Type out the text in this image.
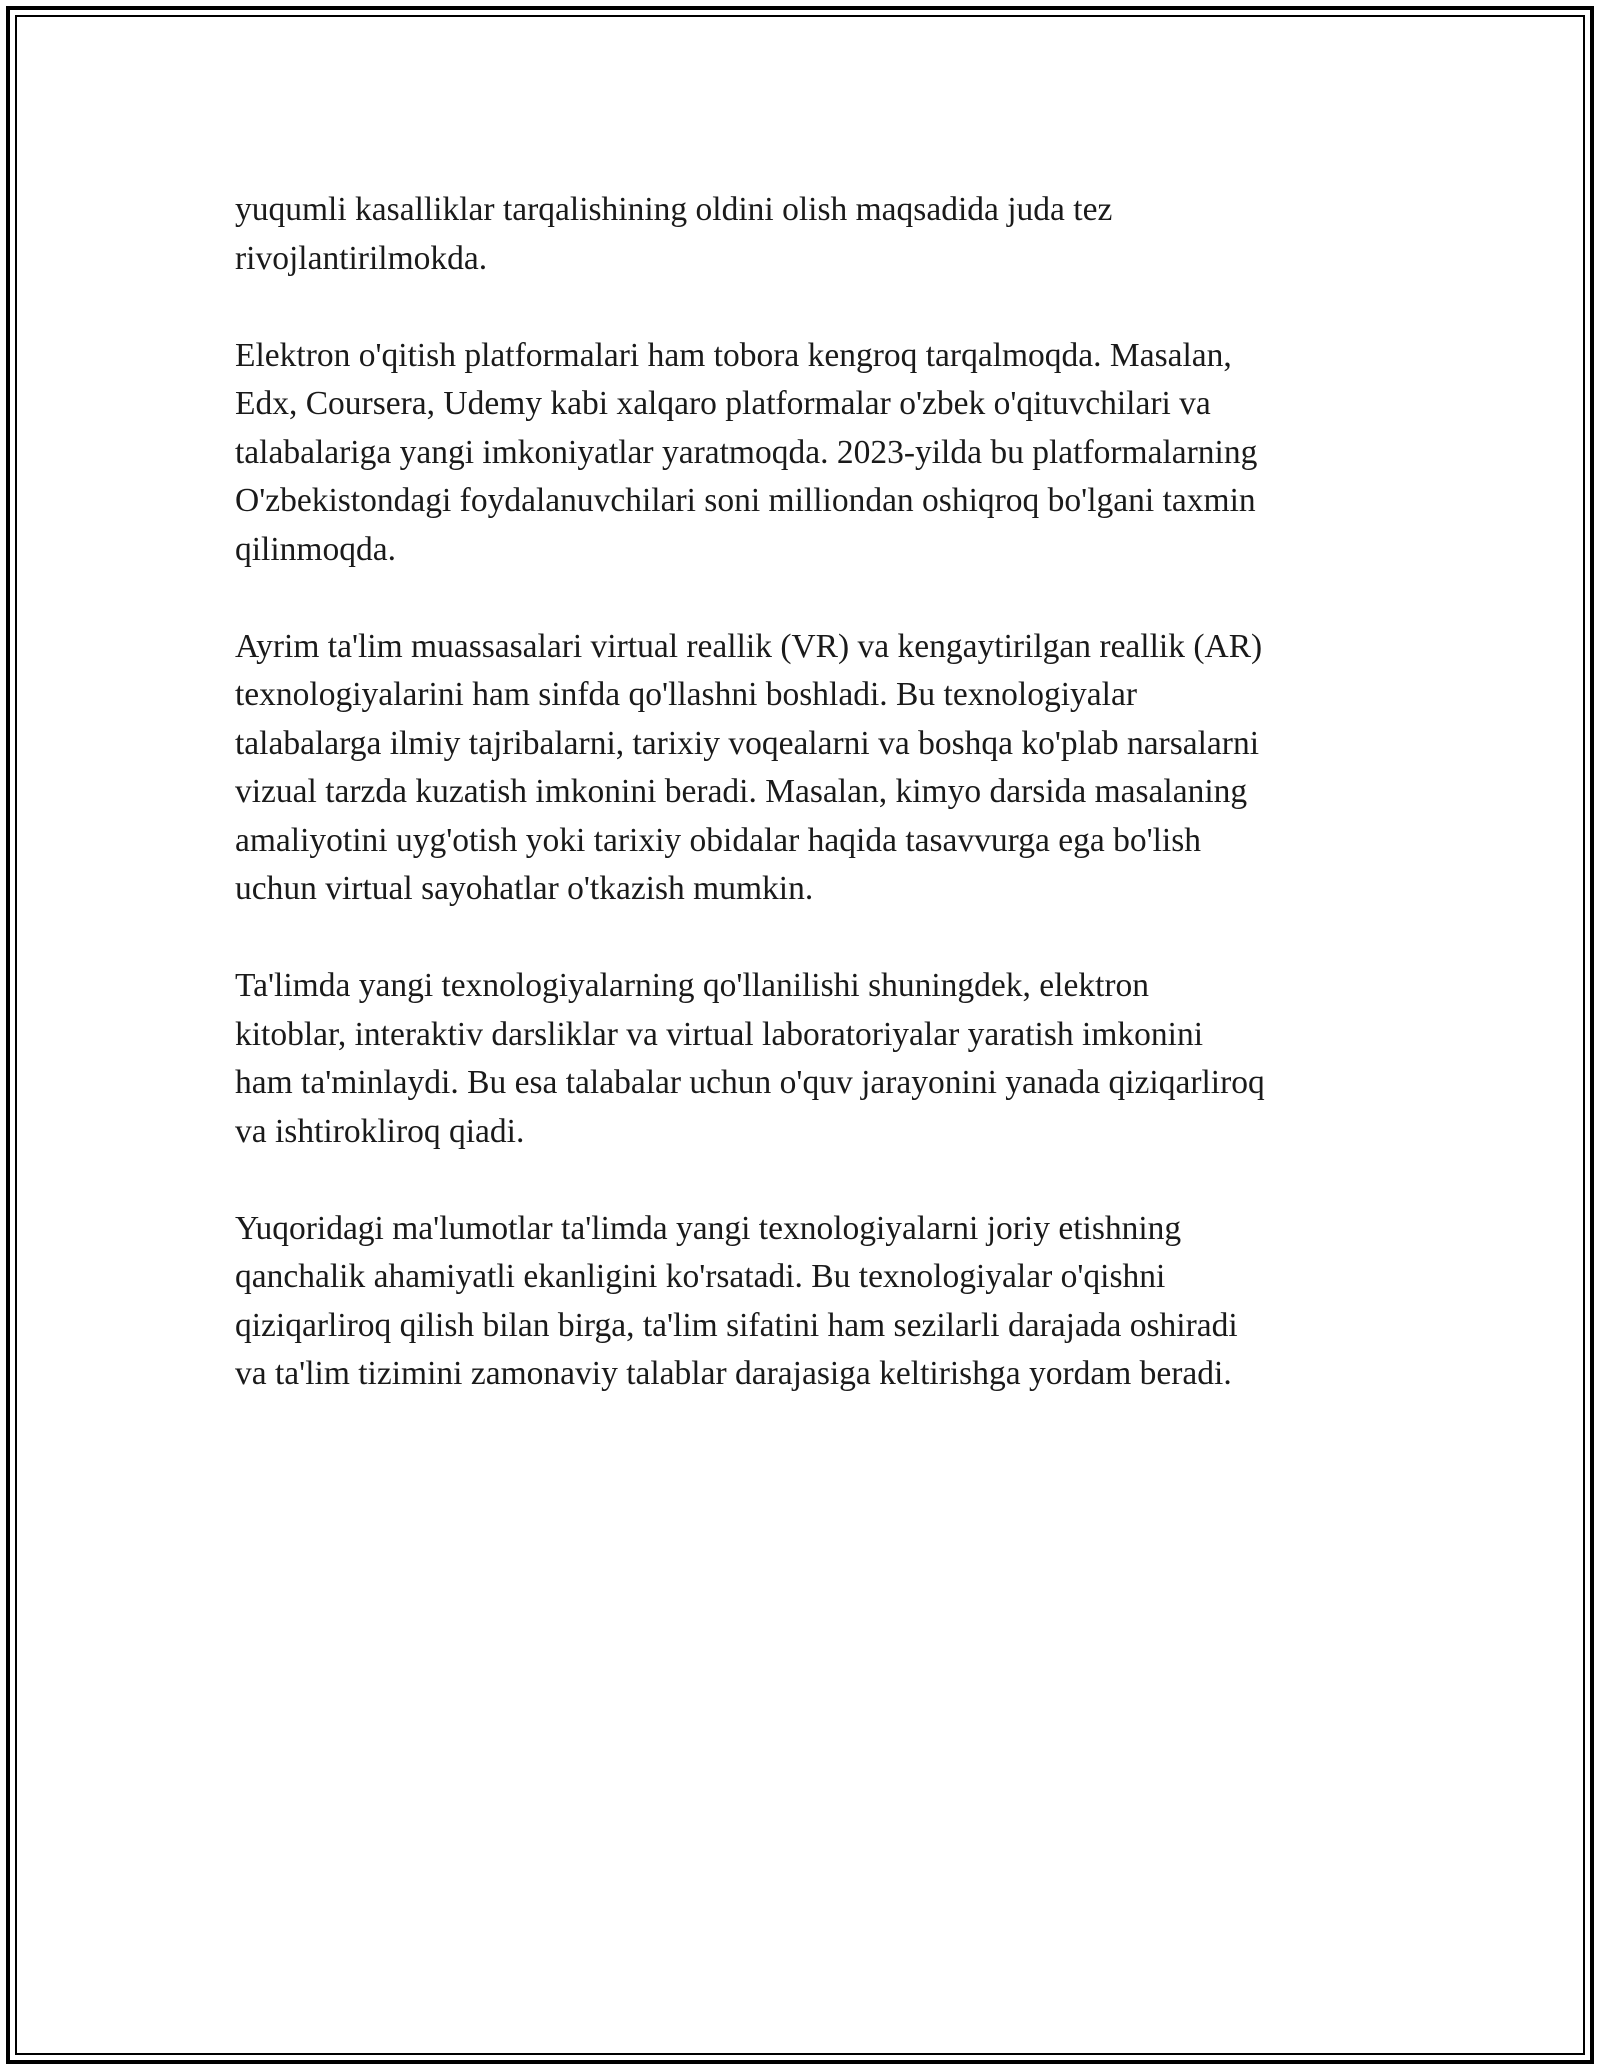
yuqumli kasalliklar tarqalishining oldini olish maqsadida juda tez
rivojlantirilmokda.

Elektron o'qitish platformalari ham tobora kengroq tarqalmoqda. Masalan,
Edx, Coursera, Udemy kabi xalqaro platformalar o'zbek o'qituvchilari va
talabalariga yangi imkoniyatlar yaratmoqda. 2023-yilda bu platformalarning
O'zbekistondagi foydalanuvchilari soni milliondan oshiqroq bo'lgani taxmin
qilinmoqda.

Ayrim ta'lim muassasalari virtual reallik (VR) va kengaytirilgan reallik (AR)
texnologiyalarini ham sinfda qo'llashni boshladi. Bu texnologiyalar
talabalarga ilmiy tajribalarni, tarixiy voqealarni va boshqa ko'plab narsalarni
vizual tarzda kuzatish imkonini beradi. Masalan, kimyo darsida masalaning
amaliyotini uyg'otish yoki tarixiy obidalar haqida tasavvurga ega bo'lish
uchun virtual sayohatlar o'tkazish mumkin.

Ta'limda yangi texnologiyalarning qo'llanilishi shuningdek, elektron
kitoblar, interaktiv darsliklar va virtual laboratoriyalar yaratish imkonini
ham ta'minlaydi. Bu esa talabalar uchun o'quv jarayonini yanada qiziqarliroq
va ishtirokliroq qiadi.

Yuqoridagi ma'lumotlar ta'limda yangi texnologiyalarni joriy etishning
qanchalik ahamiyatli ekanligini ko'rsatadi. Bu texnologiyalar o'qishni
qiziqarliroq qilish bilan birga, ta'lim sifatini ham sezilarli darajada oshiradi
va ta'lim tizimini zamonaviy talablar darajasiga keltirishga yordam beradi.
